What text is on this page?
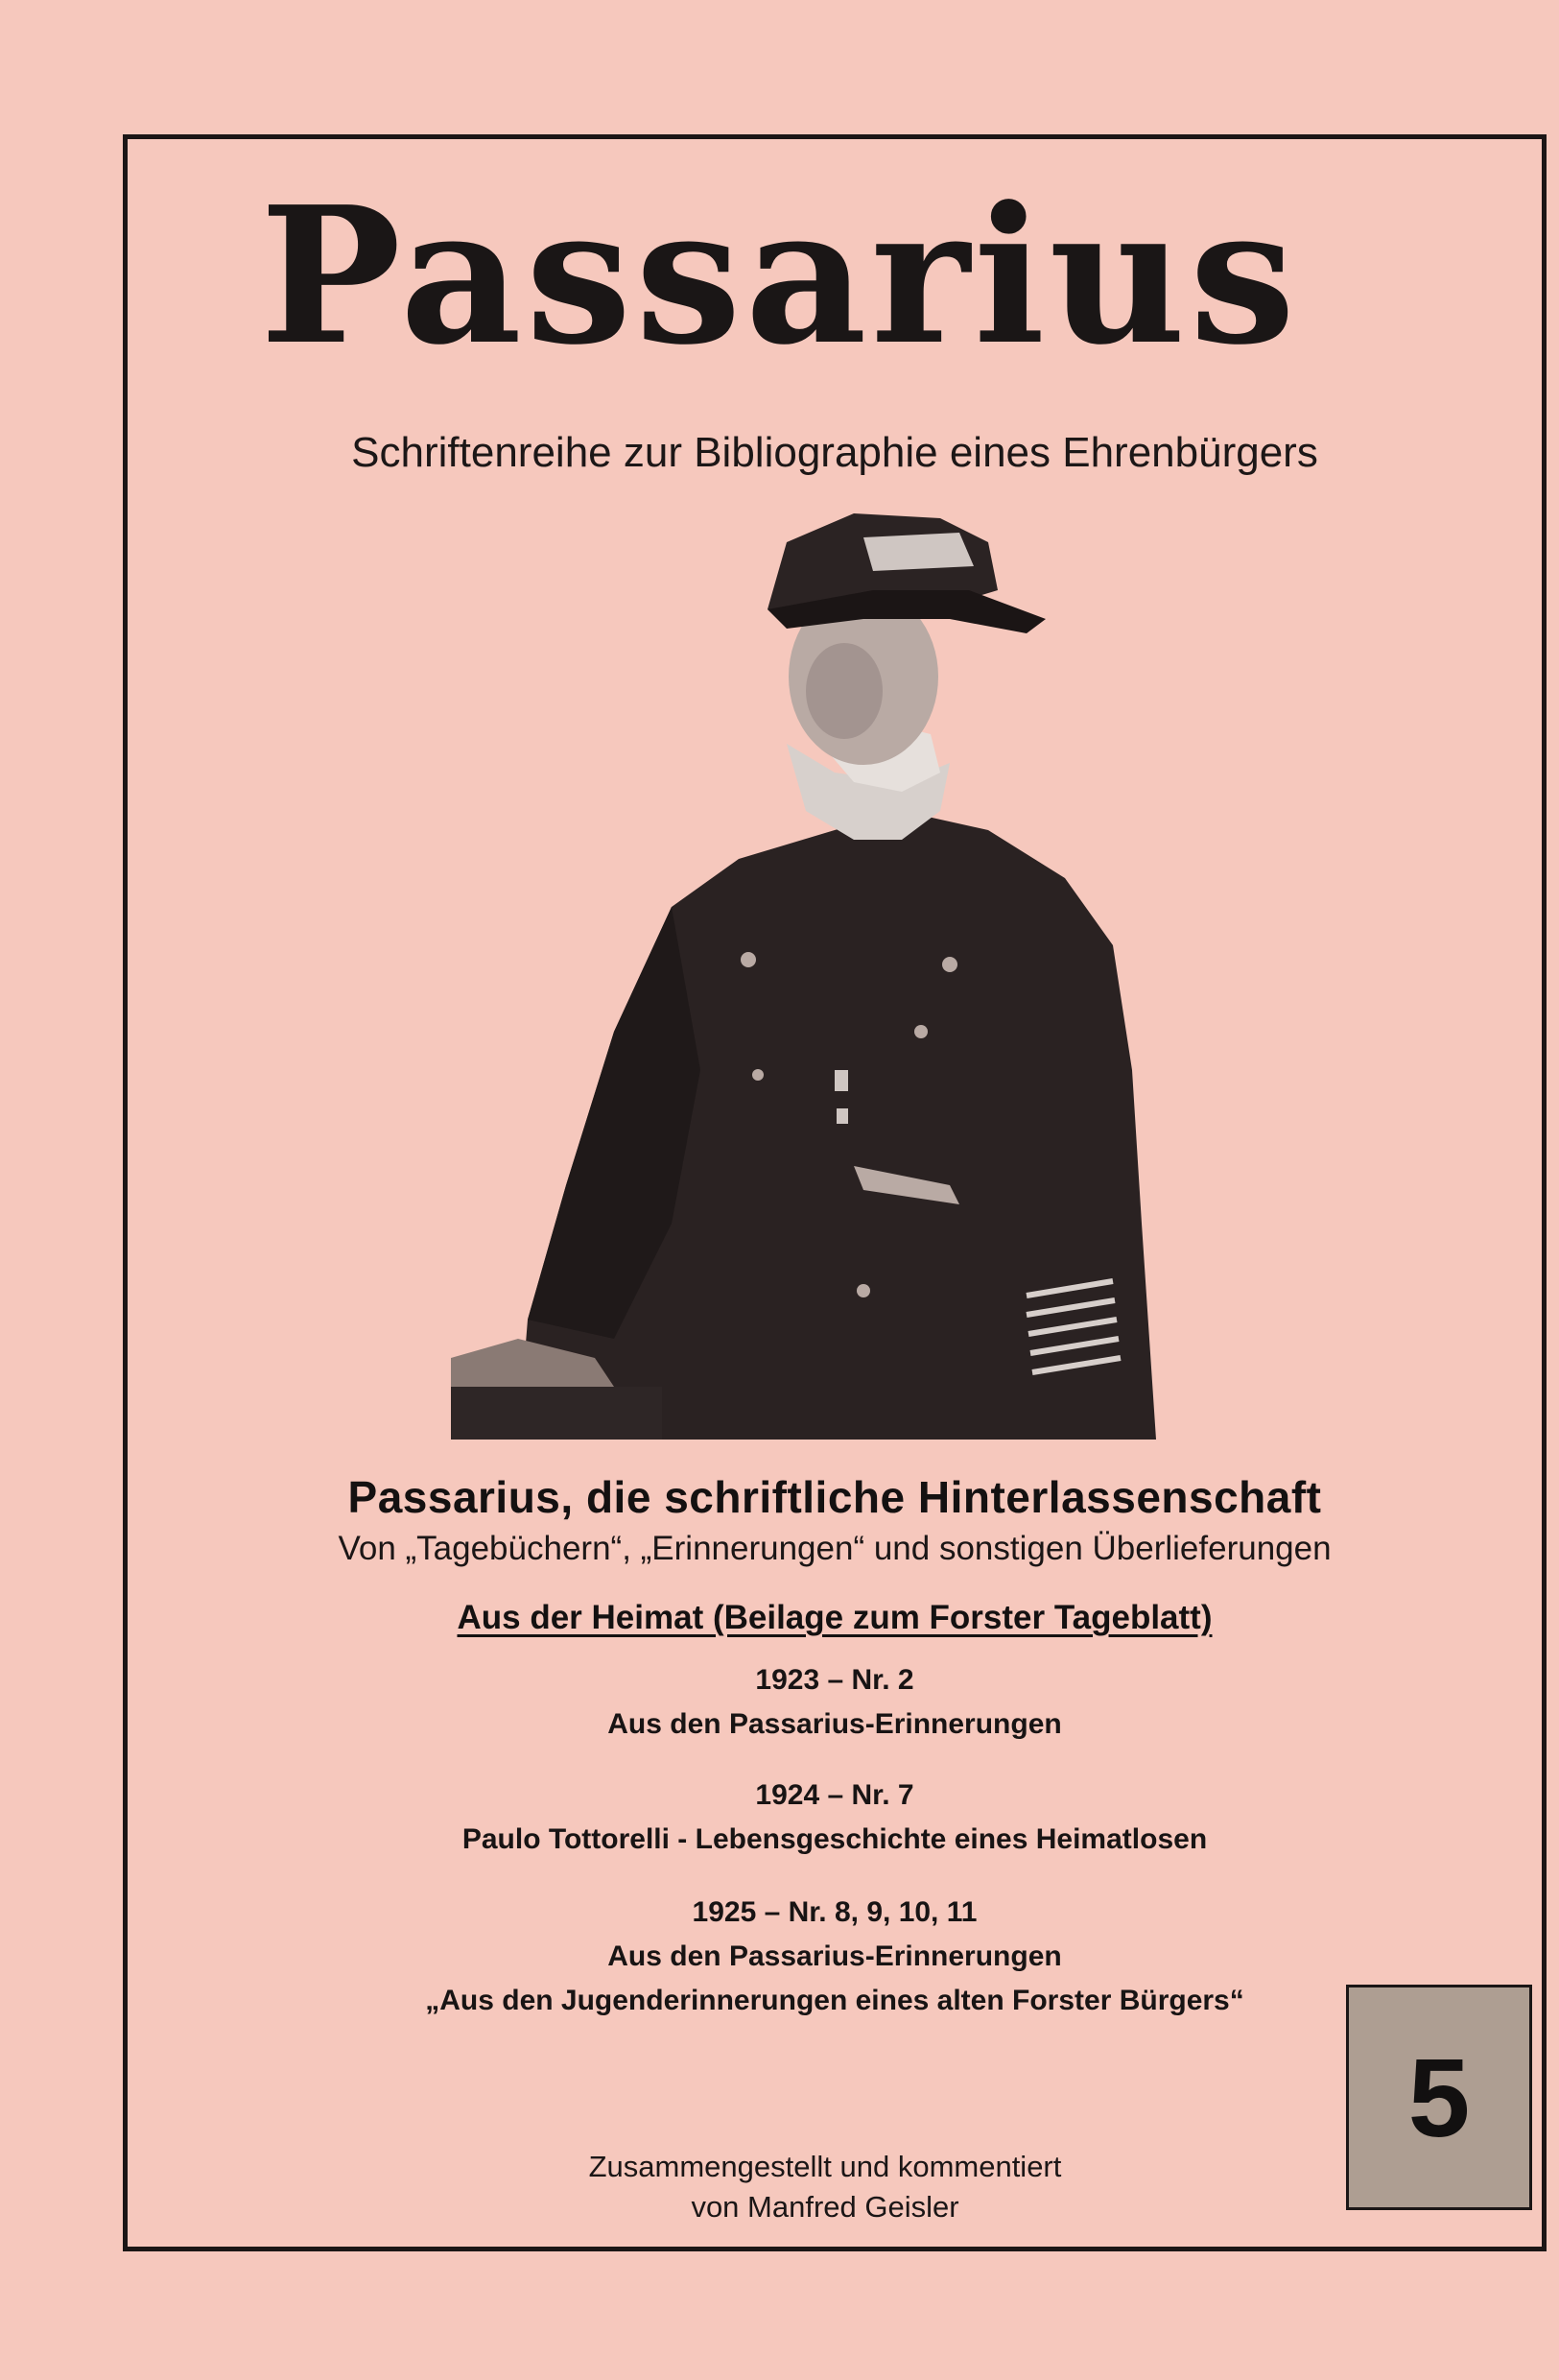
Passarius
Schriftenreihe zur Bibliographie eines Ehrenbürgers
Passarius, die schriftliche Hinterlassenschaft
Von „Tagebüchern“, „Erinnerungen“ und sonstigen Überlieferungen
Aus der Heimat (Beilage zum Forster Tageblatt)
1923 – Nr. 2
Aus den Passarius-Erinnerungen
1924 – Nr. 7
Paulo Tottorelli - Lebensgeschichte eines Heimatlosen
1925 – Nr. 8, 9, 10, 11
Aus den Passarius-Erinnerungen
„Aus den Jugenderinnerungen eines alten Forster Bürgers“
5
Zusammengestellt und kommentiert
von Manfred Geisler
